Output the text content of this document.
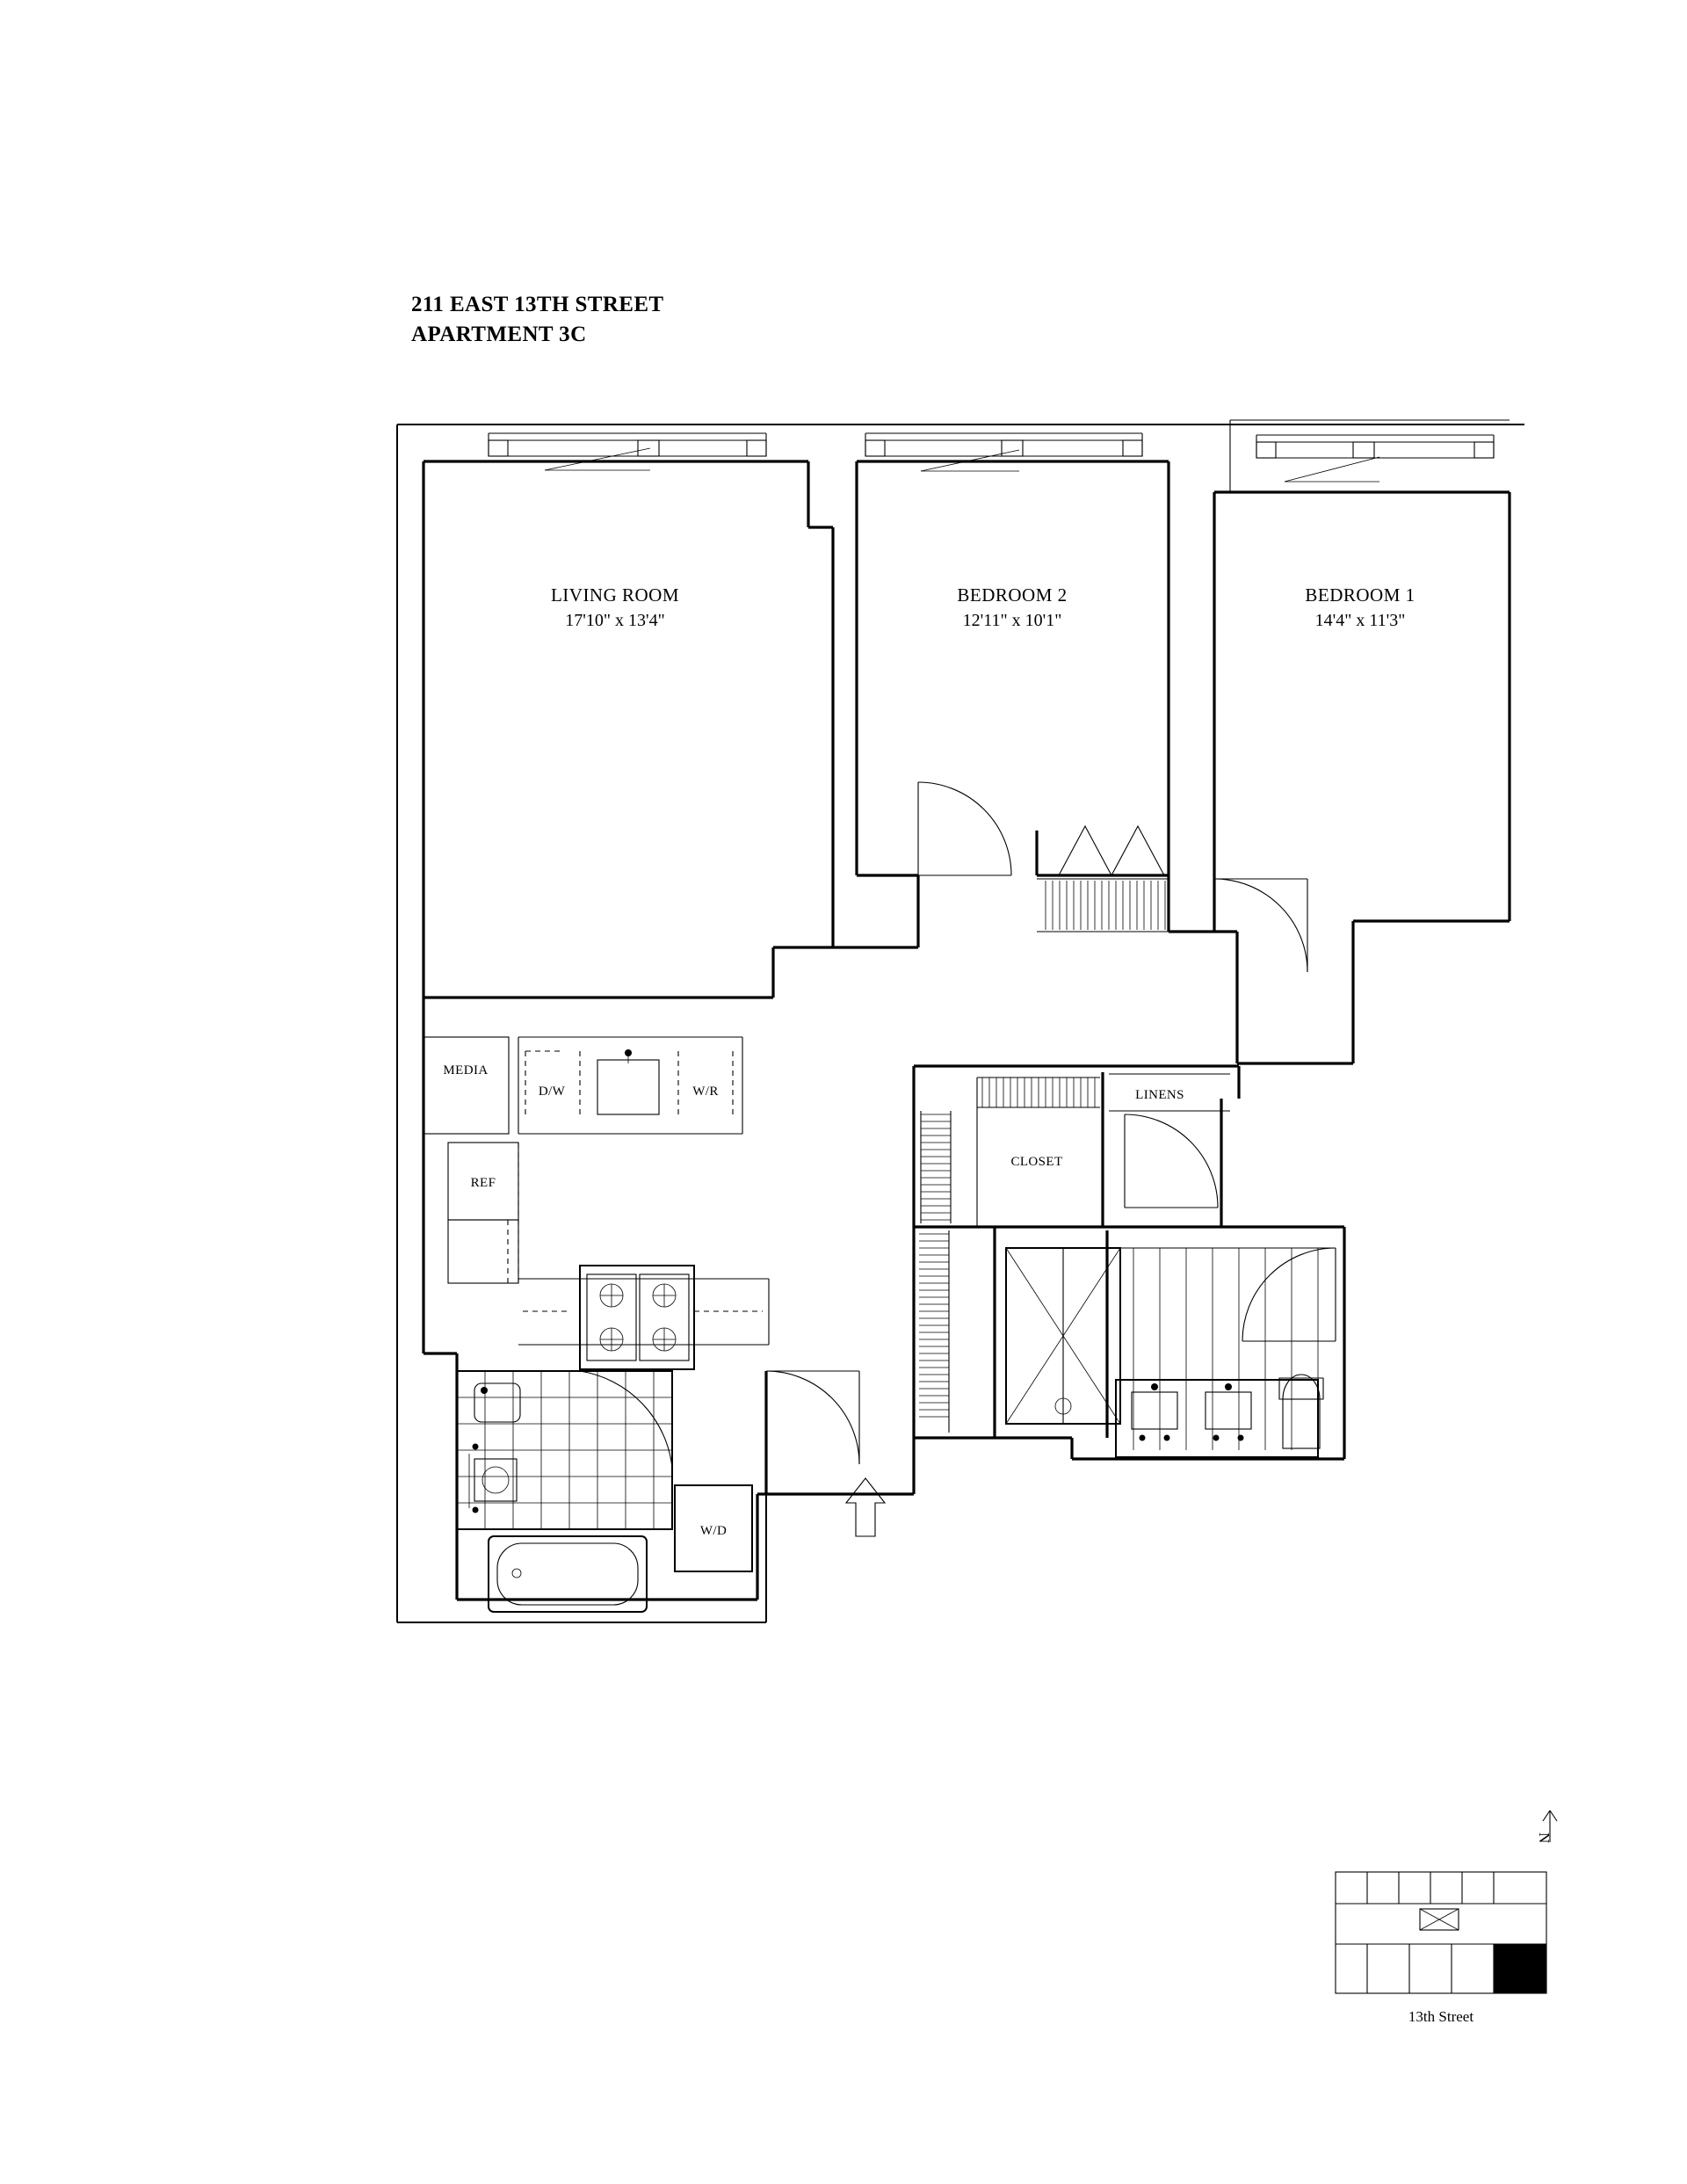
211 EAST 13TH STREET
APARTMENT 3C
LIVING ROOM
17'10" x 13'4"
BEDROOM 2
12'11" x 10'1"
BEDROOM 1
14'4" x 11'3"
MEDIA
D/W	W/R
REF
W/D
CLOSET
LINENS
13th Street
N
